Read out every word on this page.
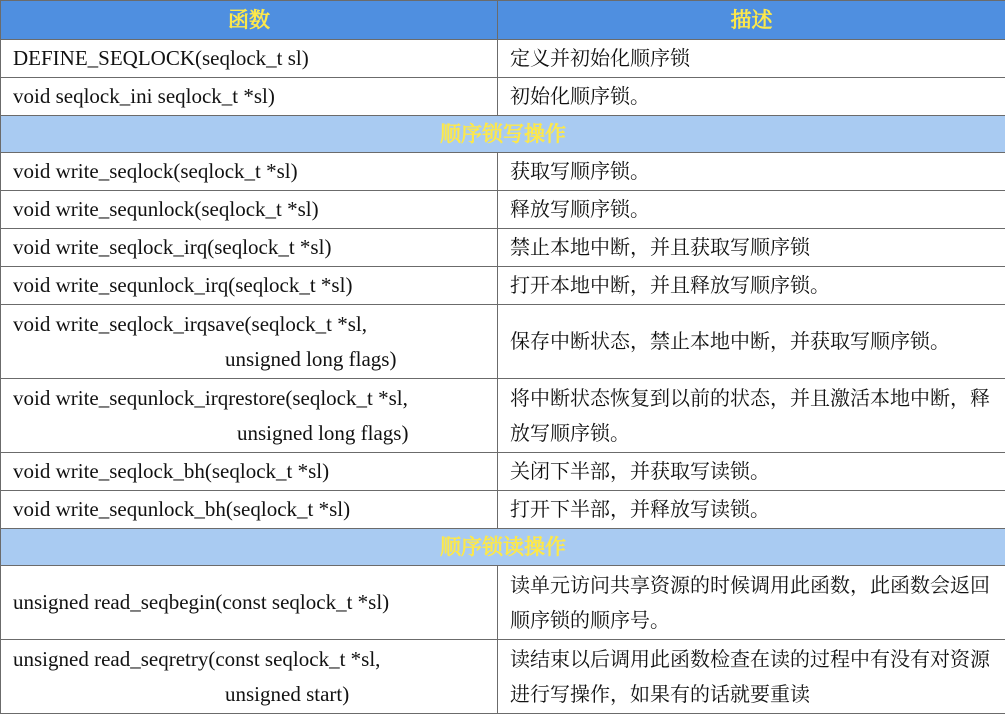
函数	描述
DEFINE_SEQLOCK(seqlock_t sl)	定义并初始化顺序锁
void seqlock_ini seqlock_t *sl)	初始化顺序锁。
顺序锁写操作	
void write_seqlock(seqlock_t *sl)	获取写顺序锁。
void write_sequnlock(seqlock_t *sl)	释放写顺序锁。
void write_seqlock_irq(seqlock_t *sl)	禁止本地中断，并且获取写顺序锁
void write_sequnlock_irq(seqlock_t *sl)	打开本地中断，并且释放写顺序锁。
void write_seqlock_irqsave(seqlock_t *sl,
unsigned long flags)	保存中断状态，禁止本地中断，并获取写顺序锁。
void write_sequnlock_irqrestore(seqlock_t *sl,
unsigned long flags)	将中断状态恢复到以前的状态，并且激活本地中断，释放写顺序锁。
void write_seqlock_bh(seqlock_t *sl)	关闭下半部，并获取写读锁。
void write_sequnlock_bh(seqlock_t *sl)	打开下半部，并释放写读锁。
顺序锁读操作	
unsigned read_seqbegin(const seqlock_t *sl)	读单元访问共享资源的时候调用此函数，此函数会返回顺序锁的顺序号。
unsigned read_seqretry(const seqlock_t *sl,
unsigned start)	读结束以后调用此函数检查在读的过程中有没有对资源进行写操作，如果有的话就要重读
